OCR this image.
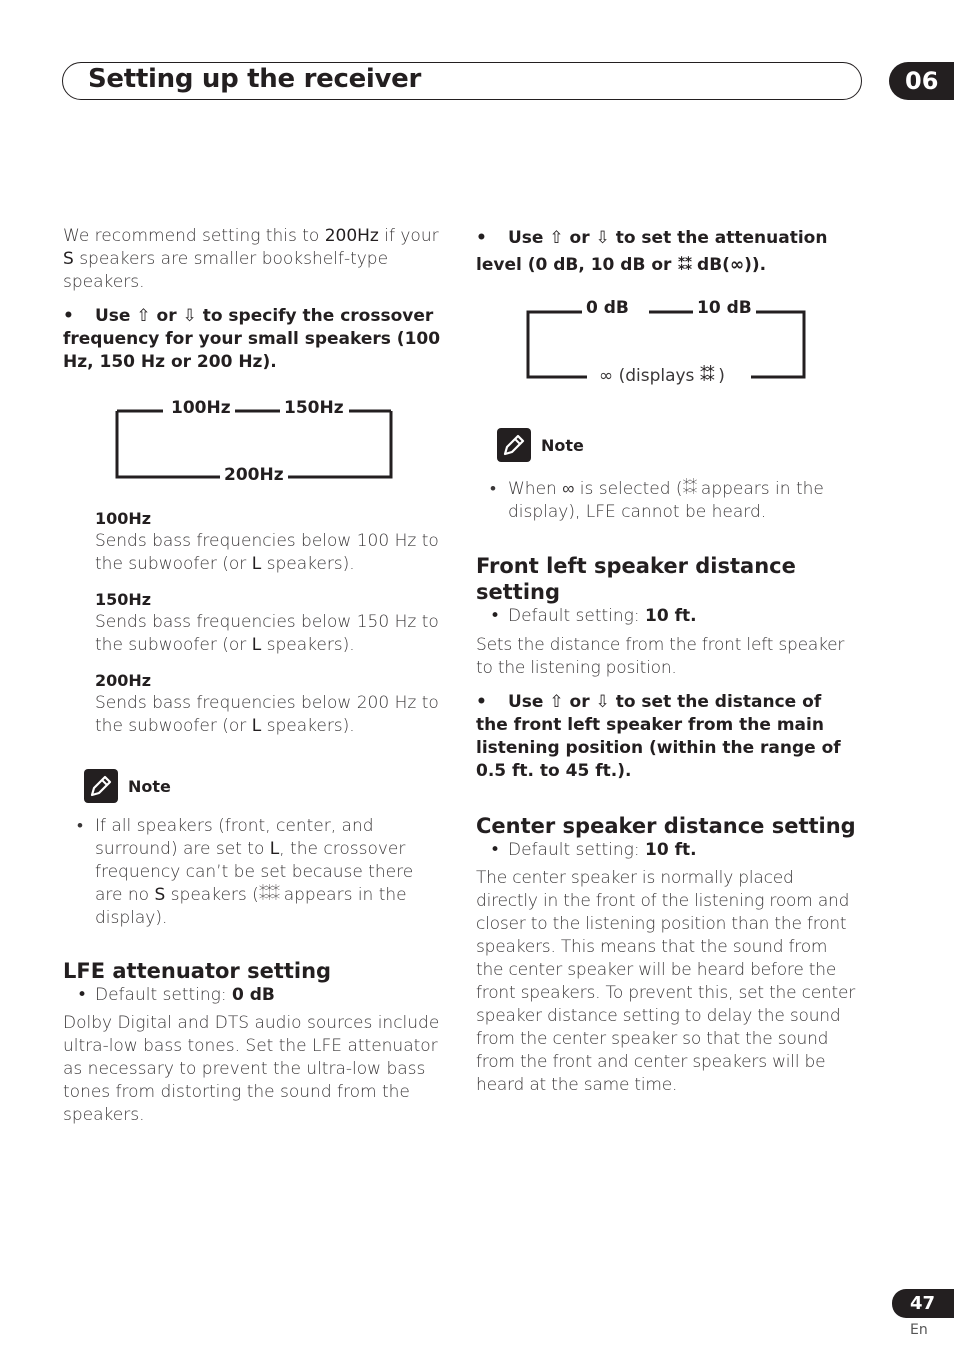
Setting up the receiver	06

We recommend setting this to 200Hz if your S speakers are smaller bookshelf-type speakers.

• Use ⇧ or ⇩ to specify the crossover frequency for your small speakers (100 Hz, 150 Hz or 200 Hz).

100Hz	150Hz
200Hz
100Hz

Sends bass frequencies below 100 Hz to the subwoofer (or L speakers).

150Hz

Sends bass frequencies below 150 Hz to the subwoofer (or L speakers).

200Hz

Sends bass frequencies below 200 Hz to the subwoofer (or L speakers).

Note

• If all speakers (front, center, and surround) are set to L, the crossover frequency can’t be set because there are no S speakers (⁑⁑⁑ appears in the display).

LFE attenuator setting

• Default setting: 0 dB

Dolby Digital and DTS audio sources include ultra-low bass tones. Set the LFE attenuator as necessary to prevent the ultra-low bass tones from distorting the sound from the speakers.

• Use ⇧ or ⇩ to set the attenuation level (0 dB, 10 dB or ⁑⁑ dB(∞)).

0 dB	10 dB
∞ (displays ⁑⁑ )
Note

• When ∞ is selected (⁑⁑ appears in the display), LFE cannot be heard.

Front left speaker distance setting

• Default setting: 10 ft.

Sets the distance from the front left speaker to the listening position.

• Use ⇧ or ⇩ to set the distance of the front left speaker from the main listening position (within the range of 0.5 ft. to 45 ft.).

Center speaker distance setting

• Default setting: 10 ft.

The center speaker is normally placed directly in the front of the listening room and closer to the listening position than the front speakers. This means that the sound from the center speaker will be heard before the front speakers. To prevent this, set the center speaker distance setting to delay the sound from the center speaker so that the sound from the front and center speakers will be heard at the same time.

47
En
